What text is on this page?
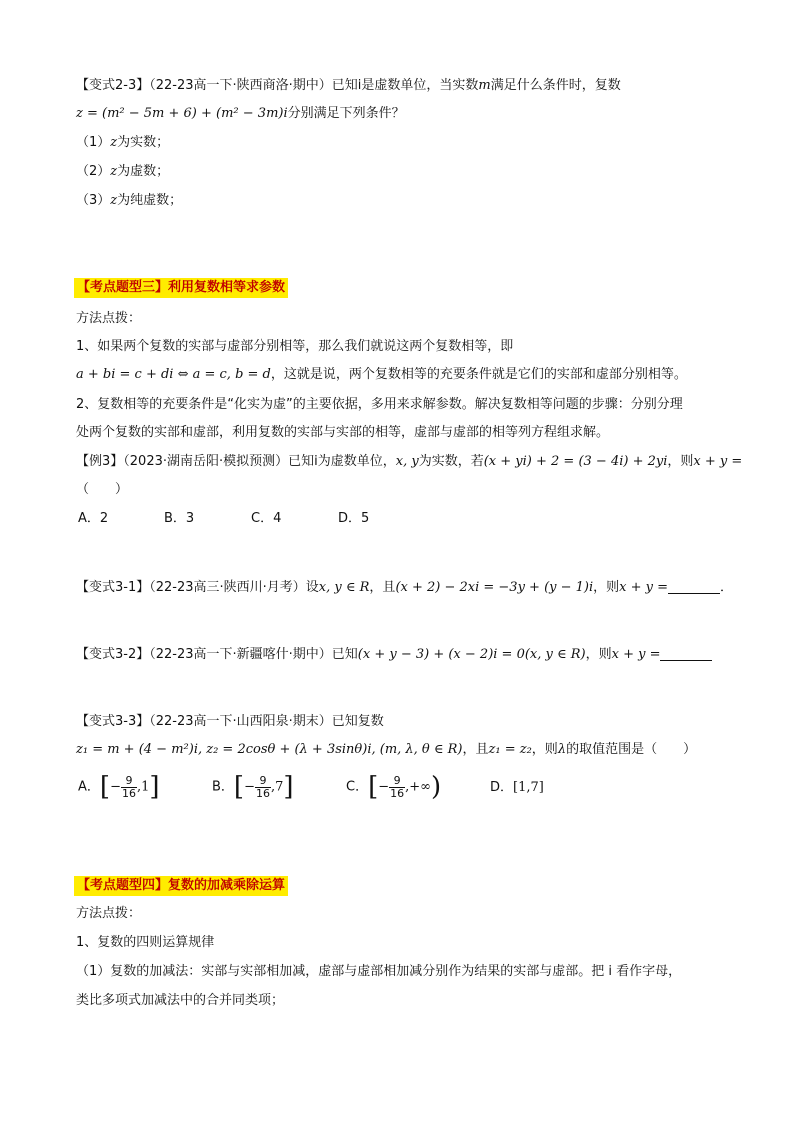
【变式2-3】（22-23高一下·陕西商洛·期中）已知i是虚数单位，当实数m满足什么条件时，复数
z = (m² − 5m + 6) + (m² − 3m)i分别满足下列条件？
（1）z为实数；
（2）z为虚数；
（3）z为纯虚数；
【考点题型三】利用复数相等求参数
方法点拨：
1、如果两个复数的实部与虚部分别相等，那么我们就说这两个复数相等，即
a + bi = c + di ⇔ a = c, b = d，这就是说，两个复数相等的充要条件就是它们的实部和虚部分别相等。
2、复数相等的充要条件是“化实为虚”的主要依据，多用来求解参数。解决复数相等问题的步骤：分别分理
处两个复数的实部和虚部，利用复数的实部与实部的相等，虚部与虚部的相等列方程组求解。
【例3】（2023·湖南岳阳·模拟预测）已知i为虚数单位，x, y为实数，若(x + yi) + 2 = (3 − 4i) + 2yi，则x + y =
（　　）
A．2	B．3	C．4	D．5
【变式3-1】（22-23高三·陕西川·月考）设x, y ∈ R，且(x + 2) − 2xi = −3y + (y − 1)i，则x + y =	．
【变式3-2】（22-23高一下·新疆喀什·期中）已知(x + y − 3) + (x − 2)i = 0(x, y ∈ R)，则x + y =
【变式3-3】（22-23高一下·山西阳泉·期末）已知复数
z₁ = m + (4 − m²)i, z₂ = 2cosθ + (λ + 3sinθ)i, (m, λ, θ ∈ R)，且z₁ = z₂，则λ的取值范围是（　　）
A．[− $\frac{9}{16} ,1$]	B．[− $\frac{9}{16} ,7$]	C．[− $\frac{9}{16}$ ,+∞)	D．[1,7]
【考点题型四】复数的加减乘除运算
方法点拨：
1、复数的四则运算规律
（1）复数的加减法：实部与实部相加减，虚部与虚部相加减分别作为结果的实部与虚部。把 i 看作字母，
类比多项式加减法中的合并同类项；
